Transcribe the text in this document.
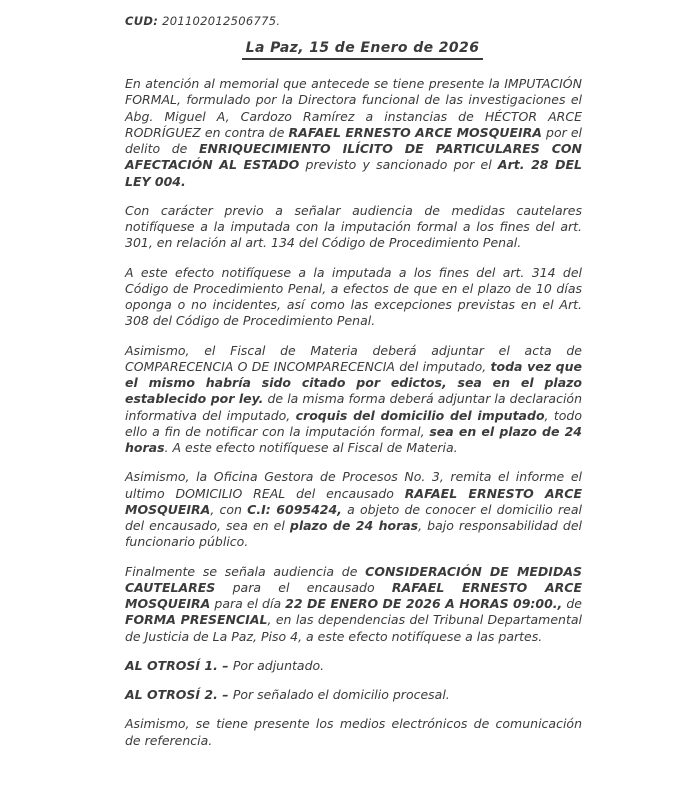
CUD: 201102012506775.
La Paz, 15 de Enero de 2026

En atención al memorial que antecede se tiene presente la IMPUTACIÓN FORMAL, formulado por la Directora funcional de las investigaciones el Abg. Miguel A, Cardozo Ramírez a instancias de HÉCTOR ARCE RODRÍGUEZ en contra de RAFAEL ERNESTO ARCE MOSQUEIRA por el delito de ENRIQUECIMIENTO ILÍCITO DE PARTICULARES CON AFECTACIÓN AL ESTADO previsto y sancionado por el Art. 28 DEL LEY 004.

Con carácter previo a señalar audiencia de medidas cautelares notifíquese a la imputada con la imputación formal a los fines del art. 301, en relación al art. 134 del Código de Procedimiento Penal.

A este efecto notifíquese a la imputada a los fines del art. 314 del Código de Procedimiento Penal, a efectos de que en el plazo de 10 días oponga o no incidentes, así como las excepciones previstas en el Art. 308 del Código de Procedimiento Penal.

Asimismo, el Fiscal de Materia deberá adjuntar el acta de COMPARECENCIA O DE INCOMPARECENCIA del imputado, toda vez que el mismo habría sido citado por edictos, sea en el plazo establecido por ley. de la misma forma deberá adjuntar la declaración informativa del imputado, croquis del domicilio del imputado, todo ello a fin de notificar con la imputación formal, sea en el plazo de 24 horas. A este efecto notifíquese al Fiscal de Materia.

Asimismo, la Oficina Gestora de Procesos No. 3, remita el informe el ultimo DOMICILIO REAL del encausado RAFAEL ERNESTO ARCE MOSQUEIRA, con C.I: 6095424, a objeto de conocer el domicilio real del encausado, sea en el plazo de 24 horas, bajo responsabilidad del funcionario público.

Finalmente se señala audiencia de CONSIDERACIÓN DE MEDIDAS CAUTELARES para el encausado RAFAEL ERNESTO ARCE MOSQUEIRA para el día 22 DE ENERO DE 2026 A HORAS 09:00., de FORMA PRESENCIAL, en las dependencias del Tribunal Departamental de Justicia de La Paz, Piso 4, a este efecto notifíquese a las partes.

AL OTROSÍ 1. – Por adjuntado.

AL OTROSÍ 2. – Por señalado el domicilio procesal.

Asimismo, se tiene presente los medios electrónicos de comunicación de referencia.
